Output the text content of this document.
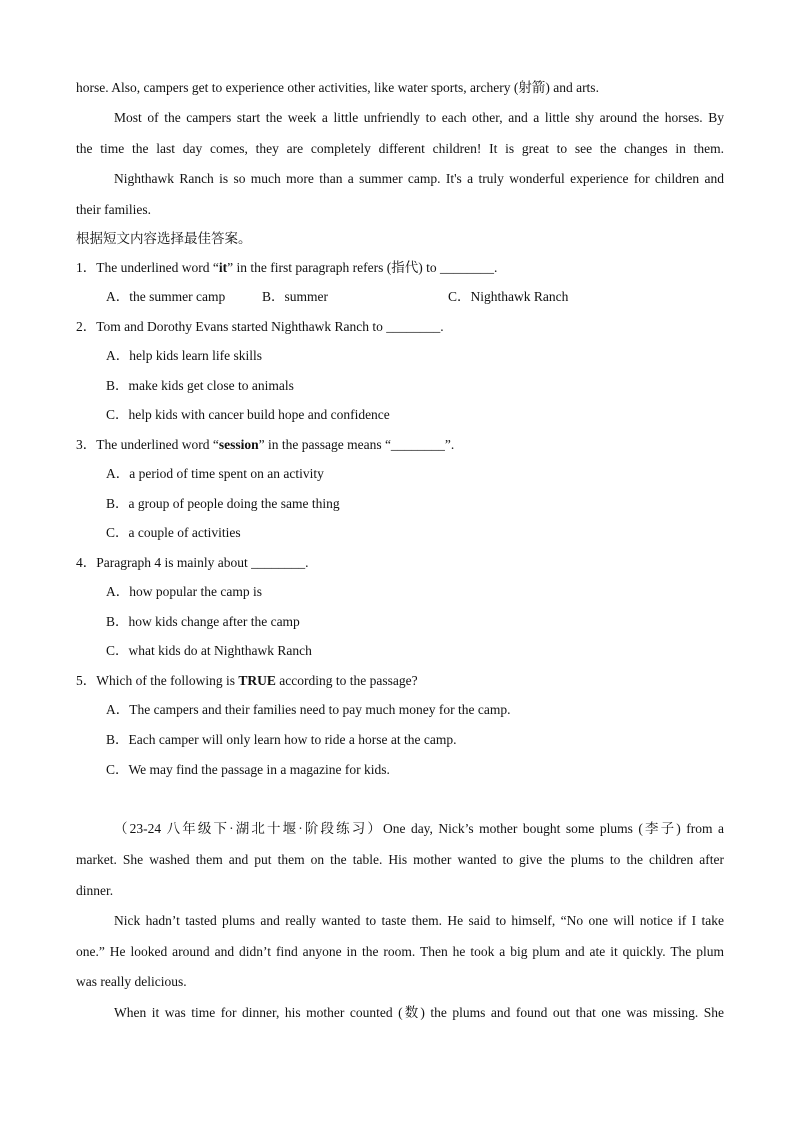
horse. Also, campers get to experience other activities, like water sports, archery (射箭) and arts.
Most of the campers start the week a little unfriendly to each other, and a little shy around the horses. By
the time the last day comes, they are completely different children! It is great to see the changes in them.
Nighthawk Ranch is so much more than a summer camp. It's a truly wonderful experience for children and
their families.
根据短文内容选择最佳答案。
1．The underlined word “it” in the first paragraph refers (指代) to ________.
A．the summer camp	B．summer	C．Nighthawk Ranch
2．Tom and Dorothy Evans started Nighthawk Ranch to ________.
A．help kids learn life skills
B．make kids get close to animals
C．help kids with cancer build hope and confidence
3．The underlined word “session” in the passage means “________”.
A．a period of time spent on an activity
B．a group of people doing the same thing
C．a couple of activities
4．Paragraph 4 is mainly about ________.
A．how popular the camp is
B．how kids change after the camp
C．what kids do at Nighthawk Ranch
5．Which of the following is TRUE according to the passage?
A．The campers and their families need to pay much money for the camp.
B．Each camper will only learn how to ride a horse at the camp.
C．We may find the passage in a magazine for kids.
（23-24 八年级下·湖北十堰·阶段练习）One day, Nick’s mother bought some plums (李子) from a
market. She washed them and put them on the table. His mother wanted to give the plums to the children after
dinner.
Nick hadn’t tasted plums and really wanted to taste them. He said to himself, “No one will notice if I take
one.” He looked around and didn’t find anyone in the room. Then he took a big plum and ate it quickly. The plum
was really delicious.
When it was time for dinner, his mother counted (数) the plums and found out that one was missing. She
